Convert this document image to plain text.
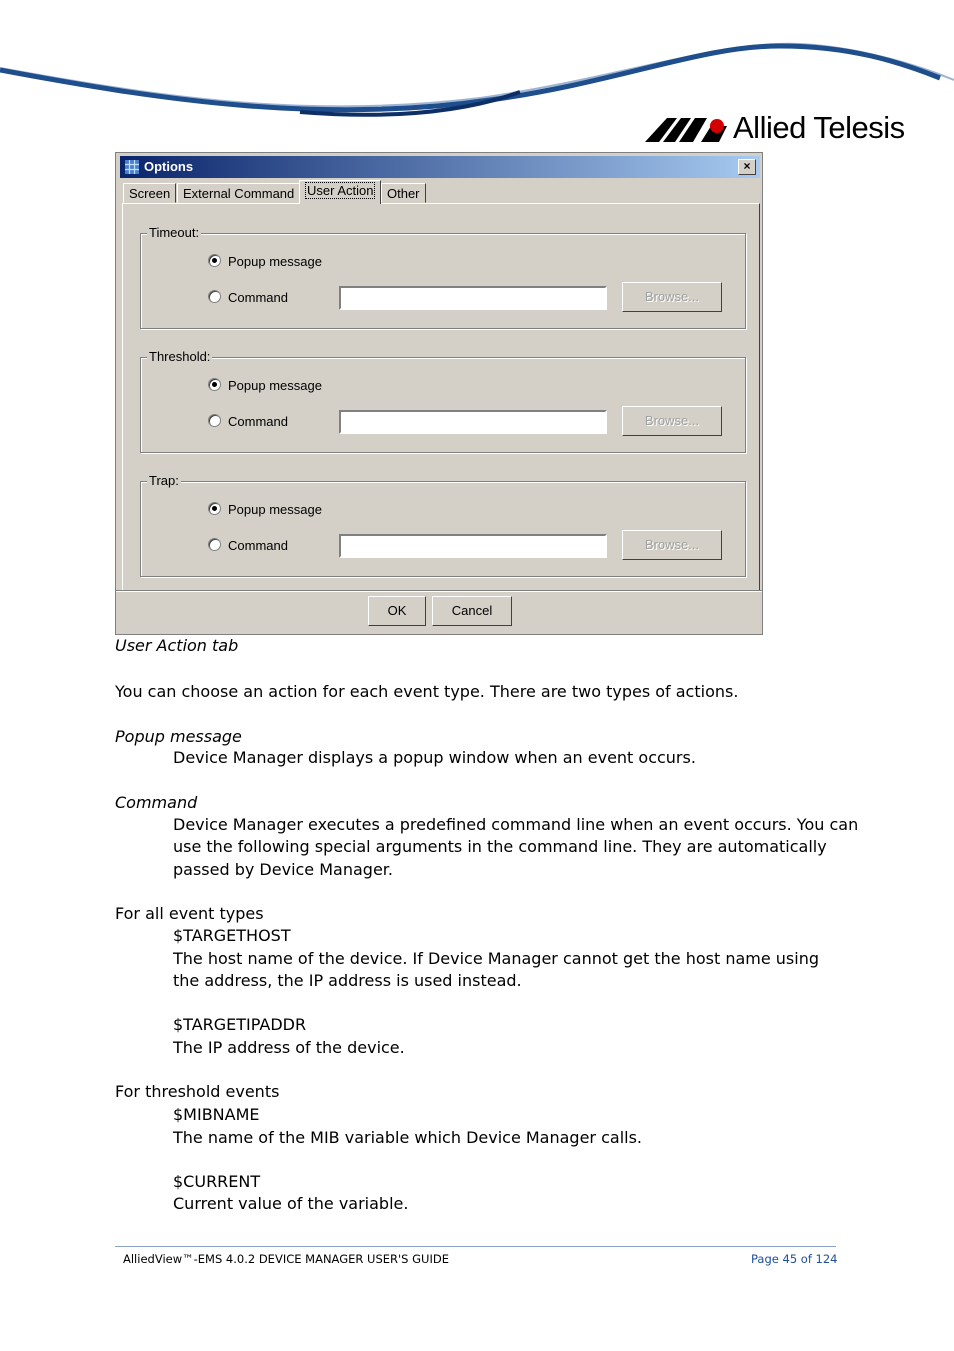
Allied Telesis
Options	×
Screen External Command User Action	Other
Timeout:
Popup message
Command	Browse...
Threshold:
Popup message
Command	Browse...
Trap:
Popup message
Command	Browse...
OK	Cancel
User Action tab
You can choose an action for each event type. There are two types of actions.
Popup message
Device Manager displays a popup window when an event occurs.
Command
Device Manager executes a predefined command line when an event occurs. You can
use the following special arguments in the command line. They are automatically
passed by Device Manager.
For all event types
$TARGETHOST
The host name of the device. If Device Manager cannot get the host name using
the address, the IP address is used instead.
$TARGETIPADDR
The IP address of the device.
For threshold events
$MIBNAME
The name of the MIB variable which Device Manager calls.
$CURRENT
Current value of the variable.
AlliedView™-EMS 4.0.2 DEVICE MANAGER USER'S GUIDE	Page 45 of 124
